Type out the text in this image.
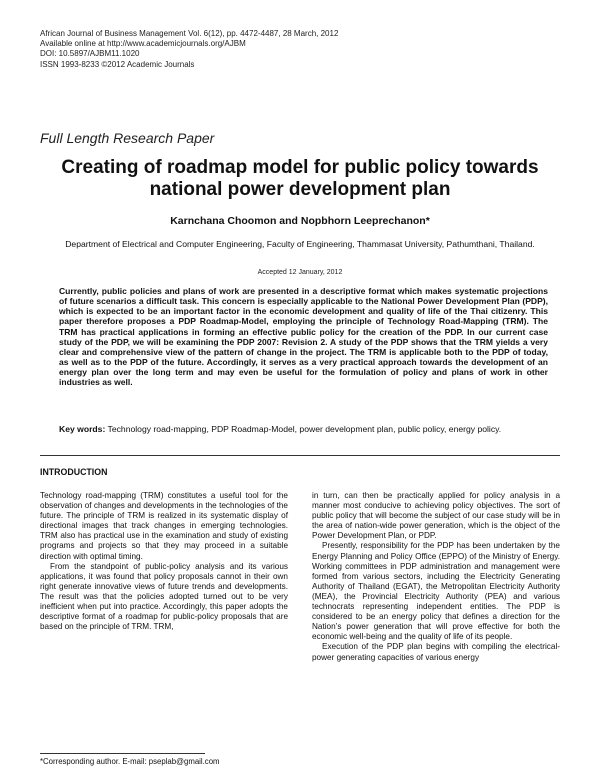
African Journal of Business Management Vol. 6(12), pp. 4472-4487, 28 March, 2012
Available online at http://www.academicjournals.org/AJBM
DOI: 10.5897/AJBM11.1020
ISSN 1993-8233 ©2012 Academic Journals
Full Length Research Paper
Creating of roadmap model for public policy towards national power development plan
Karnchana Choomon and Nopbhorn Leeprechanon*
Department of Electrical and Computer Engineering, Faculty of Engineering, Thammasat University, Pathumthani, Thailand.
Accepted 12 January, 2012
Currently, public policies and plans of work are presented in a descriptive format which makes systematic projections of future scenarios a difficult task. This concern is especially applicable to the National Power Development Plan (PDP), which is expected to be an important factor in the economic development and quality of life of the Thai citizenry. This paper therefore proposes a PDP Roadmap-Model, employing the principle of Technology Road-Mapping (TRM). The TRM has practical applications in forming an effective public policy for the creation of the PDP. In our current case study of the PDP, we will be examining the PDP 2007: Revision 2. A study of the PDP shows that the TRM yields a very clear and comprehensive view of the pattern of change in the project. The TRM is applicable both to the PDP of today, as well as to the PDP of the future. Accordingly, it serves as a very practical approach towards the development of an energy plan over the long term and may even be useful for the formulation of policy and plans of work in other industries as well.
Key words: Technology road-mapping, PDP Roadmap-Model, power development plan, public policy, energy policy.
INTRODUCTION

Technology road-mapping (TRM) constitutes a useful tool for the observation of changes and developments in the technologies of the future. The principle of TRM is realized in its systematic display of directional images that track changes in emerging technologies. TRM also has practical use in the examination and study of existing programs and projects so that they may proceed in a suitable direction with optimal timing.

From the standpoint of public-policy analysis and its various applications, it was found that policy proposals cannot in their own right generate innovative views of future trends and developments. The result was that the policies adopted turned out to be very inefficient when put into practice. Accordingly, this paper adopts the descriptive format of a roadmap for public-policy proposals that are based on the principle of TRM. TRM,

in turn, can then be practically applied for policy analysis in a manner most conducive to achieving policy objectives. The sort of public policy that will become the subject of our case study will be in the area of nation-wide power generation, which is the object of the Power Development Plan, or PDP.

Presently, responsibility for the PDP has been undertaken by the Energy Planning and Policy Office (EPPO) of the Ministry of Energy. Working committees in PDP administration and management were formed from various sectors, including the Electricity Generating Authority of Thailand (EGAT), the Metropolitan Electricity Authority (MEA), the Provincial Electricity Authority (PEA) and various technocrats representing independent entities. The PDP is considered to be an energy policy that defines a direction for the Nation’s power generation that will prove effective for both the economic well-being and the quality of life of its people.

Execution of the PDP plan begins with compiling the electrical-power generating capacities of various energy

*Corresponding author. E-mail: pseplab@gmail.com
